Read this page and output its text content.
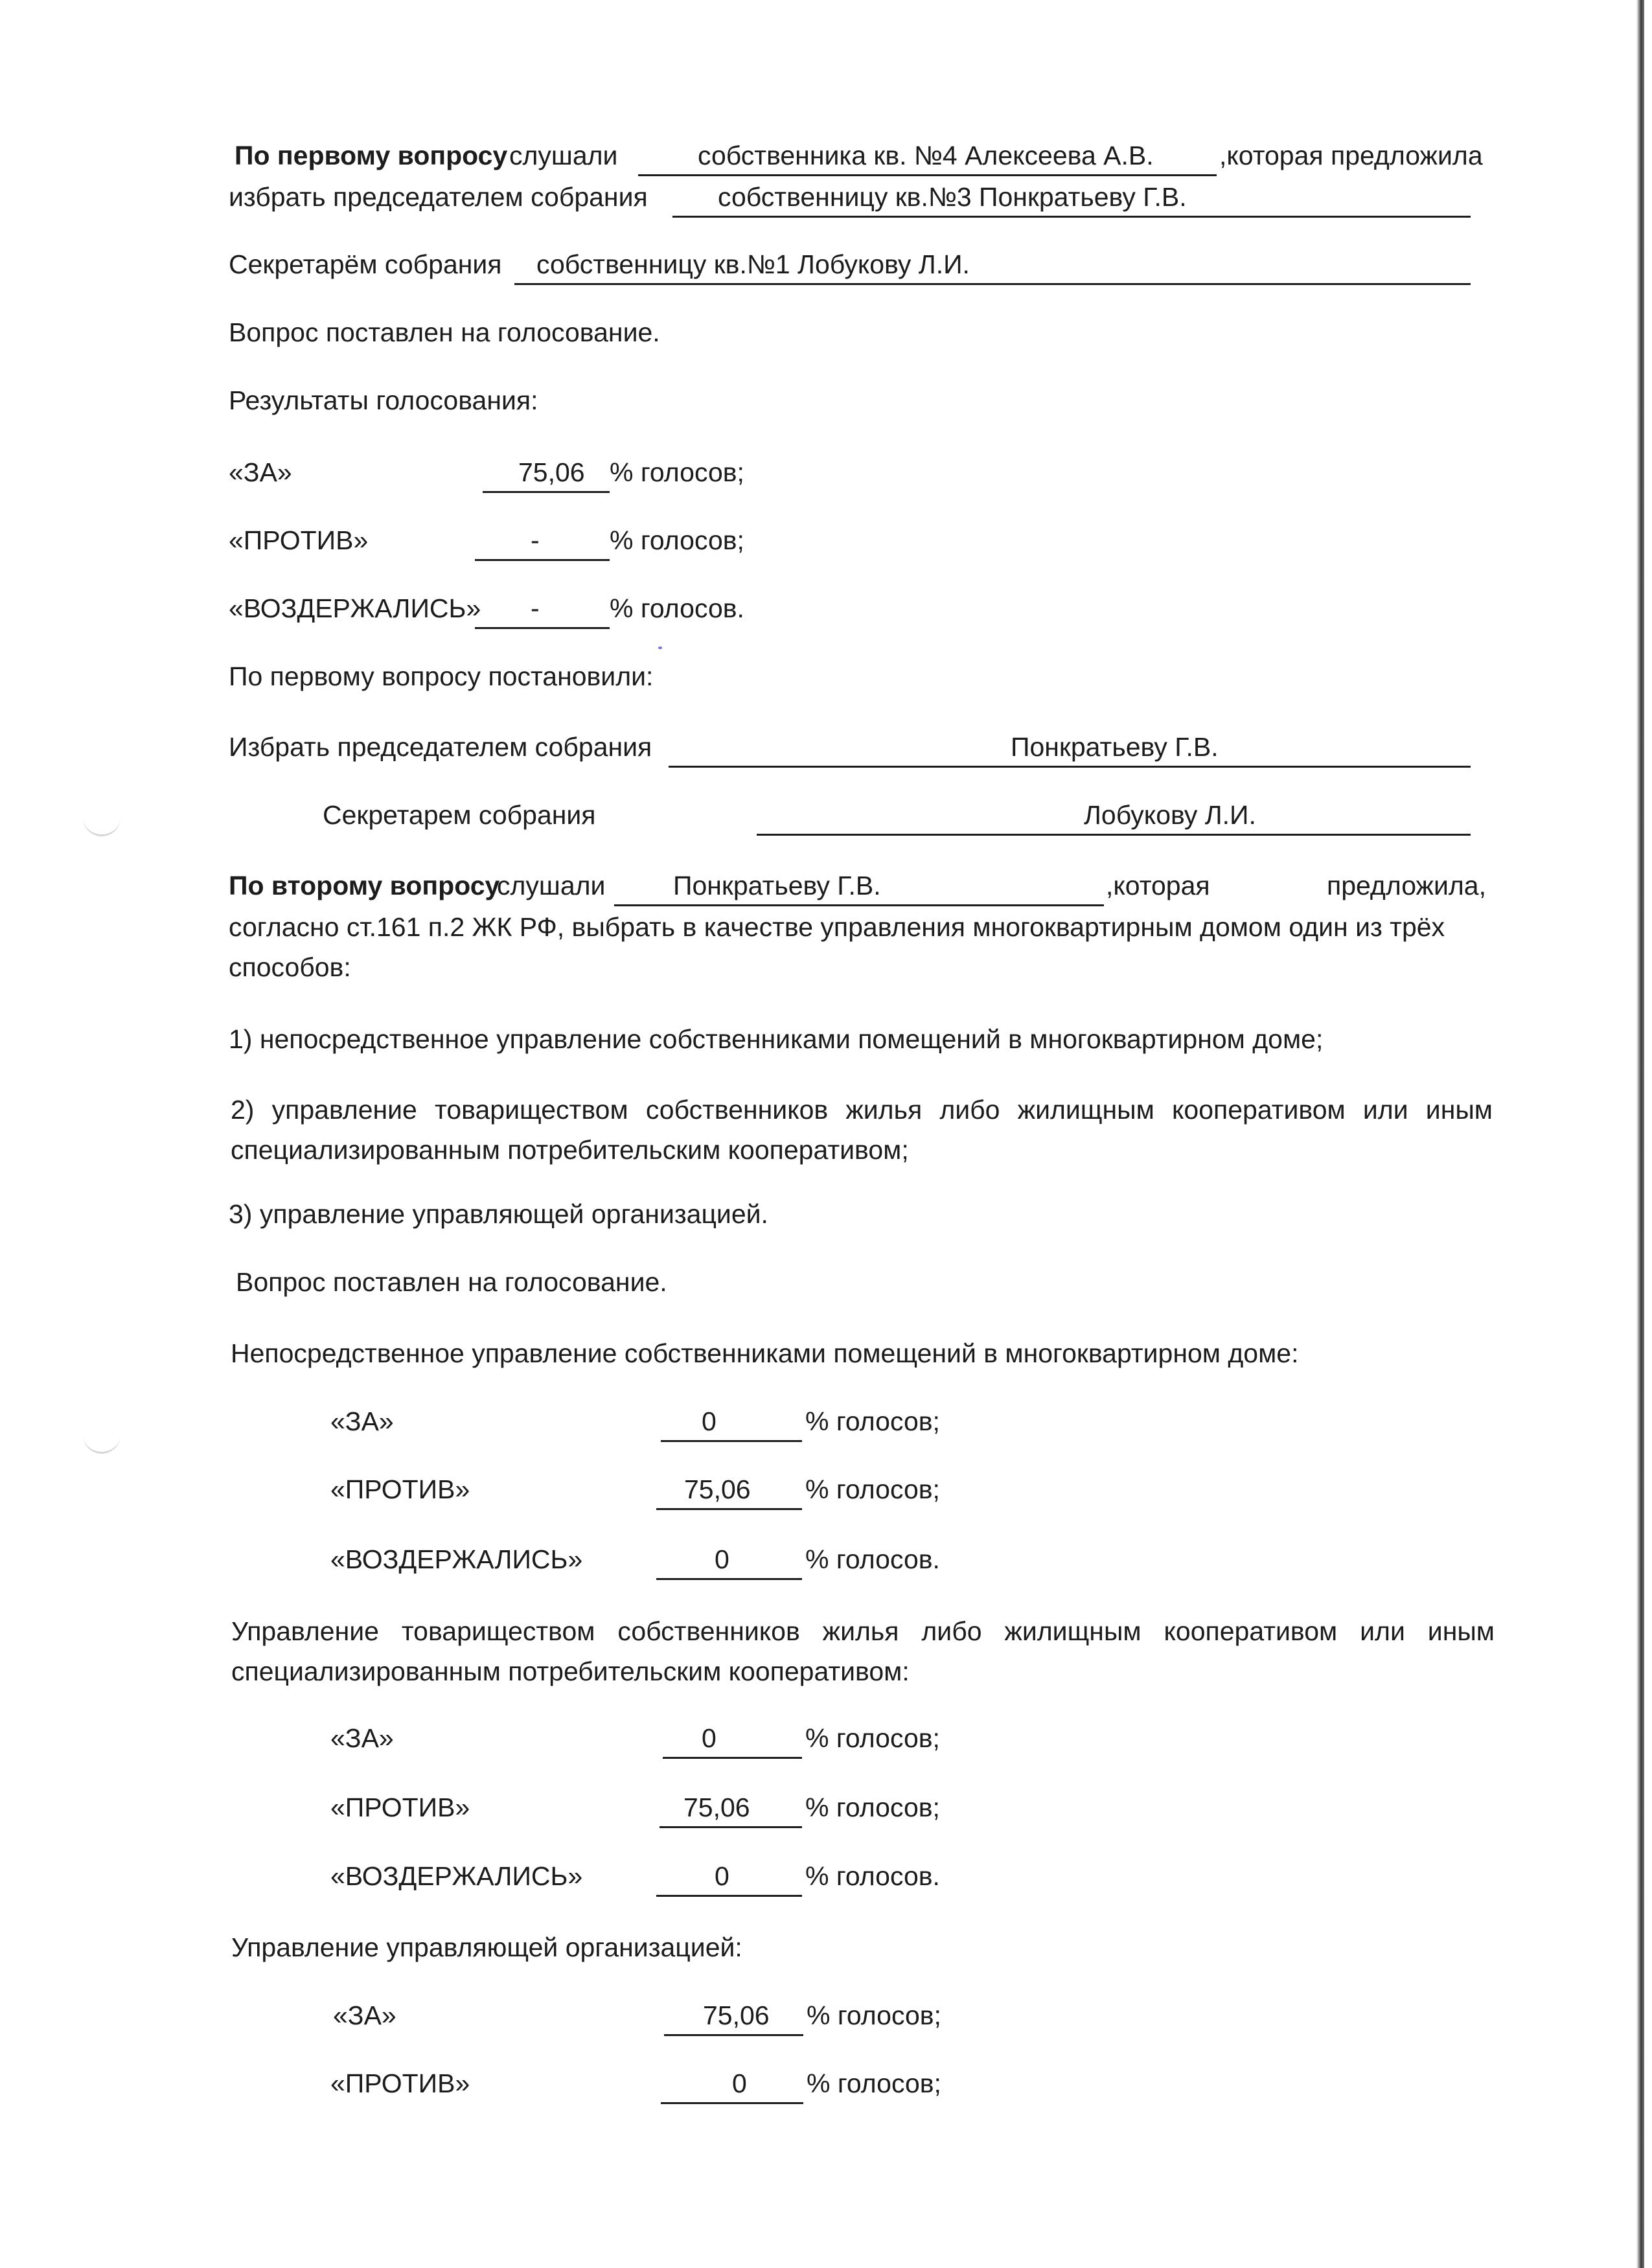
По первому вопросу слушали	собственника кв. №4 Алексеева А.В. ,которая предложила
избрать председателем собрания	собственницу кв.№3 Понкратьеву Г.В.
Секретарём собрания собственницу кв.№1 Лобукову Л.И.
Вопрос поставлен на голосование.
Результаты голосования:
«ЗА»	75,06 % голосов;
«ПРОТИВ»	-	% голосов;
«ВОЗДЕРЖАЛИСЬ» -	% голосов.
По первому вопросу постановили:
Избрать председателем собрания	Понкратьеву Г.В.
Секретарем собрания	Лобукову Л.И.
По второму вопросу
слушали	Понкратьеву Г.В.	,которая	предложила,
согласно ст.161 п.2 ЖК РФ, выбрать в качестве управления многоквартирным домом один из трёх
способов:
1) непосредственное управление собственниками помещений в многоквартирном доме;
2) управление товариществом собственников жилья либо жилищным кооперативом или иным
специализированным потребительским кооперативом;
3) управление управляющей организацией.
Вопрос поставлен на голосование.
Непосредственное управление собственниками помещений в многоквартирном доме:
«ЗА»	0	% голосов;
«ПРОТИВ»	75,06 % голосов;
«ВОЗДЕРЖАЛИСЬ»	0	% голосов.
Управление товариществом собственников жилья либо жилищным кооперативом или иным
специализированным потребительским кооперативом:
«ЗА»	0	% голосов;
«ПРОТИВ»	75,06 % голосов;
«ВОЗДЕРЖАЛИСЬ»	0	% голосов.
Управление управляющей организацией:
«ЗА»	75,06 % голосов;
«ПРОТИВ»	0 % голосов;
